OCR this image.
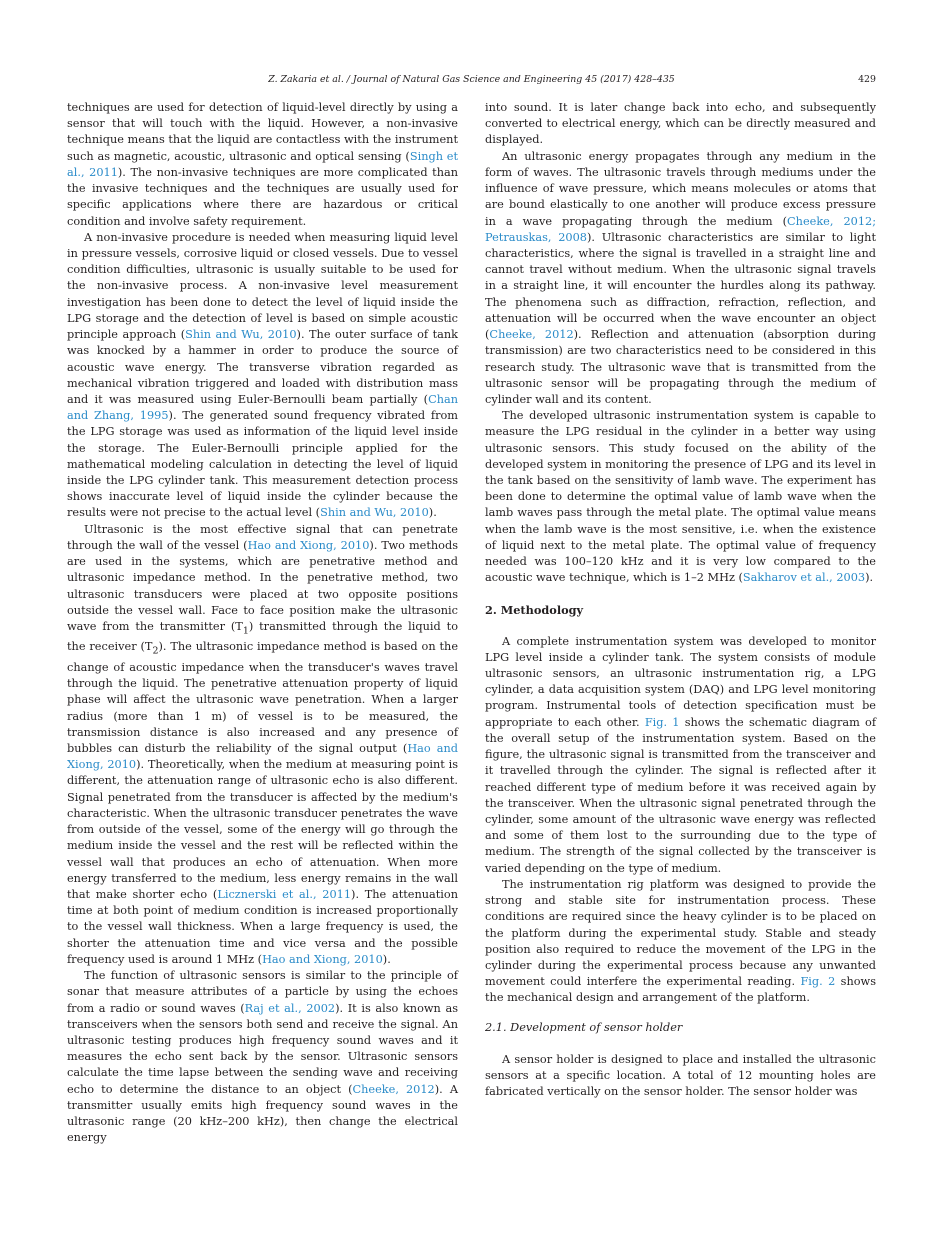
Z. Zakaria et al. / Journal of Natural Gas Science and Engineering 45 (2017) 428–435	429

techniques are used for detection of liquid-level directly by using a sensor that will touch with the liquid. However, a non-invasive technique means that the liquid are contactless with the instrument such as magnetic, acoustic, ultrasonic and optical sensing (Singh et al., 2011). The non-invasive techniques are more complicated than the invasive techniques and the techniques are usually used for specific applications where there are hazardous or critical condition and involve safety requirement.

A non-invasive procedure is needed when measuring liquid level in pressure vessels, corrosive liquid or closed vessels. Due to vessel condition difficulties, ultrasonic is usually suitable to be used for the non-invasive process. A non-invasive level measurement investigation has been done to detect the level of liquid inside the LPG storage and the detection of level is based on simple acoustic principle approach (Shin and Wu, 2010). The outer surface of tank was knocked by a hammer in order to produce the source of acoustic wave energy. The transverse vibration regarded as mechanical vibration triggered and loaded with distribution mass and it was measured using Euler-Bernoulli beam partially (Chan and Zhang, 1995). The generated sound frequency vibrated from the LPG storage was used as information of the liquid level inside the storage. The Euler-Bernoulli principle applied for the mathematical modeling calculation in detecting the level of liquid inside the LPG cylinder tank. This measurement detection process shows inaccurate level of liquid inside the cylinder because the results were not precise to the actual level (Shin and Wu, 2010).

Ultrasonic is the most effective signal that can penetrate through the wall of the vessel (Hao and Xiong, 2010). Two methods are used in the systems, which are penetrative method and ultrasonic impedance method. In the penetrative method, two ultrasonic transducers were placed at two opposite positions outside the vessel wall. Face to face position make the ultrasonic wave from the transmitter $(T_1)$ transmitted through the liquid to the receiver $(T_2)$. The ultrasonic impedance method is based on the change of acoustic impedance when the transducer's waves travel through the liquid. The penetrative attenuation property of liquid phase will affect the ultrasonic wave penetration. When a larger radius (more than 1 m) of vessel is to be measured, the transmission distance is also increased and any presence of bubbles can disturb the reliability of the signal output (Hao and Xiong, 2010). Theoretically, when the medium at measuring point is different, the attenuation range of ultrasonic echo is also different. Signal penetrated from the transducer is affected by the medium's characteristic. When the ultrasonic transducer penetrates the wave from outside of the vessel, some of the energy will go through the medium inside the vessel and the rest will be reflected within the vessel wall that produces an echo of attenuation. When more energy transferred to the medium, less energy remains in the wall that make shorter echo (Licznerski et al., 2011). The attenuation time at both point of medium condition is increased proportionally to the vessel wall thickness. When a large frequency is used, the shorter the attenuation time and vice versa and the possible frequency used is around 1 MHz (Hao and Xiong, 2010).

The function of ultrasonic sensors is similar to the principle of sonar that measure attributes of a particle by using the echoes from a radio or sound waves (Raj et al., 2002). It is also known as transceivers when the sensors both send and receive the signal. An ultrasonic testing produces high frequency sound waves and it measures the echo sent back by the sensor. Ultrasonic sensors calculate the time lapse between the sending wave and receiving echo to determine the distance to an object (Cheeke, 2012). A transmitter usually emits high frequency sound waves in the ultrasonic range (20 kHz–200 kHz), then change the electrical energy

into sound. It is later change back into echo, and subsequently converted to electrical energy, which can be directly measured and displayed.

An ultrasonic energy propagates through any medium in the form of waves. The ultrasonic travels through mediums under the influence of wave pressure, which means molecules or atoms that are bound elastically to one another will produce excess pressure in a wave propagating through the medium (Cheeke, 2012; Petrauskas, 2008). Ultrasonic characteristics are similar to light characteristics, where the signal is travelled in a straight line and cannot travel without medium. When the ultrasonic signal travels in a straight line, it will encounter the hurdles along its pathway. The phenomena such as diffraction, refraction, reflection, and attenuation will be occurred when the wave encounter an object (Cheeke, 2012). Reflection and attenuation (absorption during transmission) are two characteristics need to be considered in this research study. The ultrasonic wave that is transmitted from the ultrasonic sensor will be propagating through the medium of cylinder wall and its content.

The developed ultrasonic instrumentation system is capable to measure the LPG residual in the cylinder in a better way using ultrasonic sensors. This study focused on the ability of the developed system in monitoring the presence of LPG and its level in the tank based on the sensitivity of lamb wave. The experiment has been done to determine the optimal value of lamb wave when the lamb waves pass through the metal plate. The optimal value means when the lamb wave is the most sensitive, i.e. when the existence of liquid next to the metal plate. The optimal value of frequency needed was 100–120 kHz and it is very low compared to the acoustic wave technique, which is 1–2 MHz (Sakharov et al., 2003).

2. Methodology

A complete instrumentation system was developed to monitor LPG level inside a cylinder tank. The system consists of module ultrasonic sensors, an ultrasonic instrumentation rig, a LPG cylinder, a data acquisition system (DAQ) and LPG level monitoring program. Instrumental tools of detection specification must be appropriate to each other. Fig. 1 shows the schematic diagram of the overall setup of the instrumentation system. Based on the figure, the ultrasonic signal is transmitted from the transceiver and it travelled through the cylinder. The signal is reflected after it reached different type of medium before it was received again by the transceiver. When the ultrasonic signal penetrated through the cylinder, some amount of the ultrasonic wave energy was reflected and some of them lost to the surrounding due to the type of medium. The strength of the signal collected by the transceiver is varied depending on the type of medium.

The instrumentation rig platform was designed to provide the strong and stable site for instrumentation process. These conditions are required since the heavy cylinder is to be placed on the platform during the experimental study. Stable and steady position also required to reduce the movement of the LPG in the cylinder during the experimental process because any unwanted movement could interfere the experimental reading. Fig. 2 shows the mechanical design and arrangement of the platform.

2.1. Development of sensor holder

A sensor holder is designed to place and installed the ultrasonic sensors at a specific location. A total of 12 mounting holes are fabricated vertically on the sensor holder. The sensor holder was
